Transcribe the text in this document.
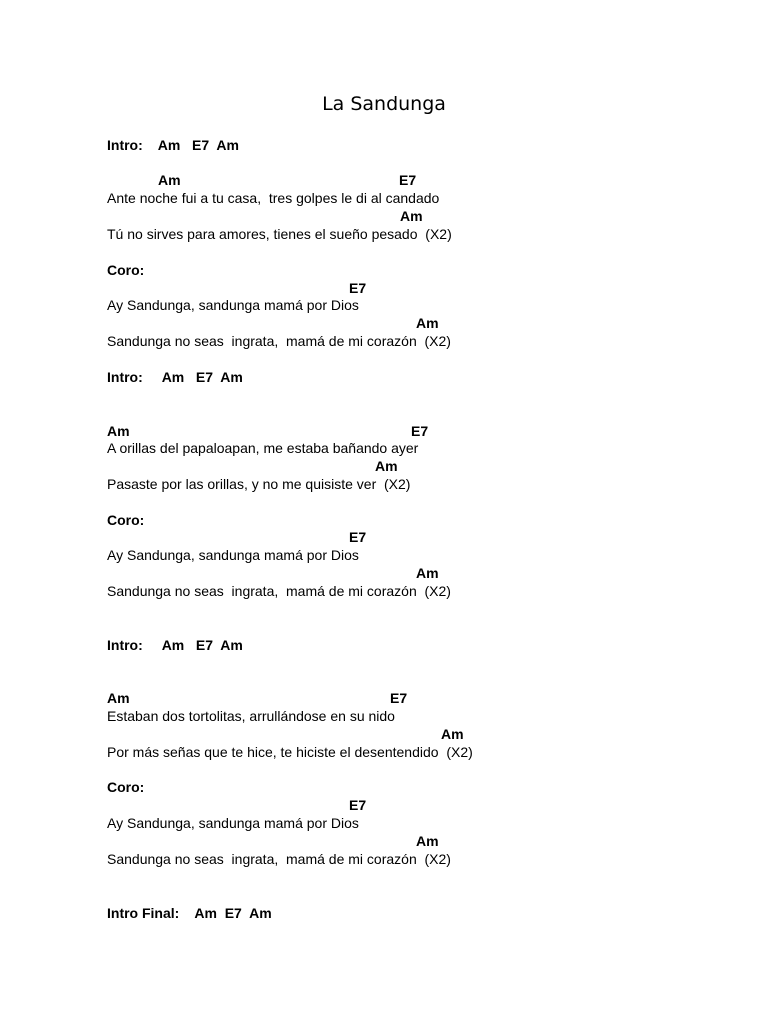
La Sandunga
Intro:    Am   E7  Am
Am	E7
Ante noche fui a tu casa,  tres golpes le di al candado
Am
Tú no sirves para amores, tienes el sueño pesado  (X2)
Coro:
E7
Ay Sandunga, sandunga mamá por Dios
Am
Sandunga no seas  ingrata,  mamá de mi corazón  (X2)
Intro:     Am   E7  Am
Am	E7
A orillas del papaloapan, me estaba bañando ayer
Am
Pasaste por las orillas, y no me quisiste ver  (X2)
Coro:
E7
Ay Sandunga, sandunga mamá por Dios
Am
Sandunga no seas  ingrata,  mamá de mi corazón  (X2)
Intro:     Am   E7  Am
Am	E7
Estaban dos tortolitas, arrullándose en su nido
Am
Por más señas que te hice, te hiciste el desentendido  (X2)
Coro:
E7
Ay Sandunga, sandunga mamá por Dios
Am
Sandunga no seas  ingrata,  mamá de mi corazón  (X2)
Intro Final:    Am  E7  Am
